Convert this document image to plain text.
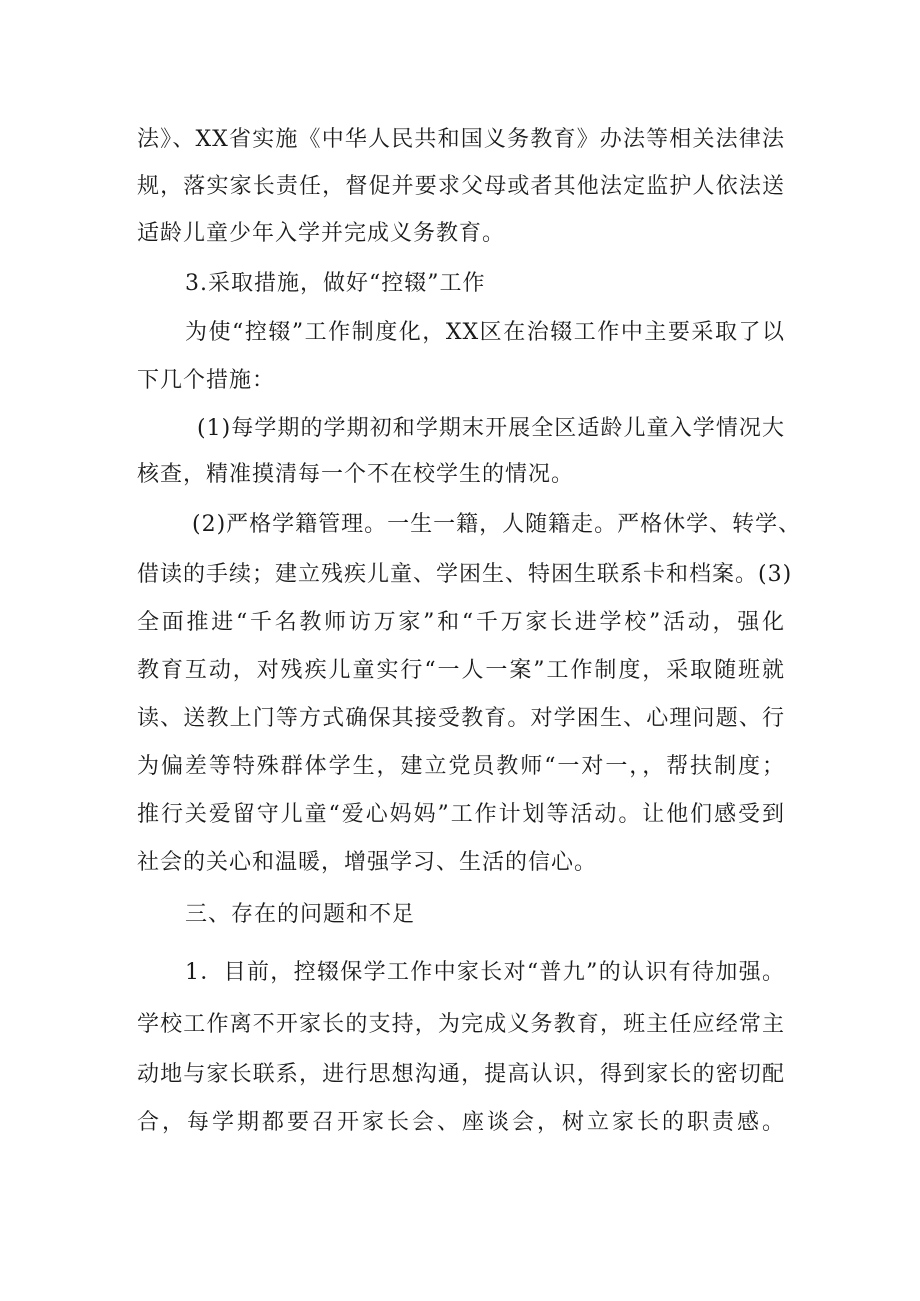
法》、XX省实施《中华人民共和国义务教育》办法等相关法律法
规，落实家长责任，督促并要求父母或者其他法定监护人依法送
适龄儿童少年入学并完成义务教育。
3.采取措施，做好“控辍”工作
为使“控辍”工作制度化，XX区在治辍工作中主要采取了以
下几个措施：
(1)每学期的学期初和学期末开展全区适龄儿童入学情况大
核查，精准摸清每一个不在校学生的情况。
(2)严格学籍管理。一生一籍，人随籍走。严格休学、转学、
借读的手续；建立残疾儿童、学困生、特困生联系卡和档案。(3)
全面推进“千名教师访万家”和“千万家长进学校”活动，强化
教育互动，对残疾儿童实行“一人一案”工作制度，采取随班就
读、送教上门等方式确保其接受教育。对学困生、心理问题、行
为偏差等特殊群体学生，建立党员教师“一对一，，帮扶制度；
推行关爱留守儿童“爱心妈妈”工作计划等活动。让他们感受到
社会的关心和温暖，增强学习、生活的信心。
三、存在的问题和不足
1．目前，控辍保学工作中家长对“普九”的认识有待加强。
学校工作离不开家长的支持，为完成义务教育，班主任应经常主
动地与家长联系，进行思想沟通，提高认识，得到家长的密切配
合，每学期都要召开家长会、座谈会，树立家长的职责感。
